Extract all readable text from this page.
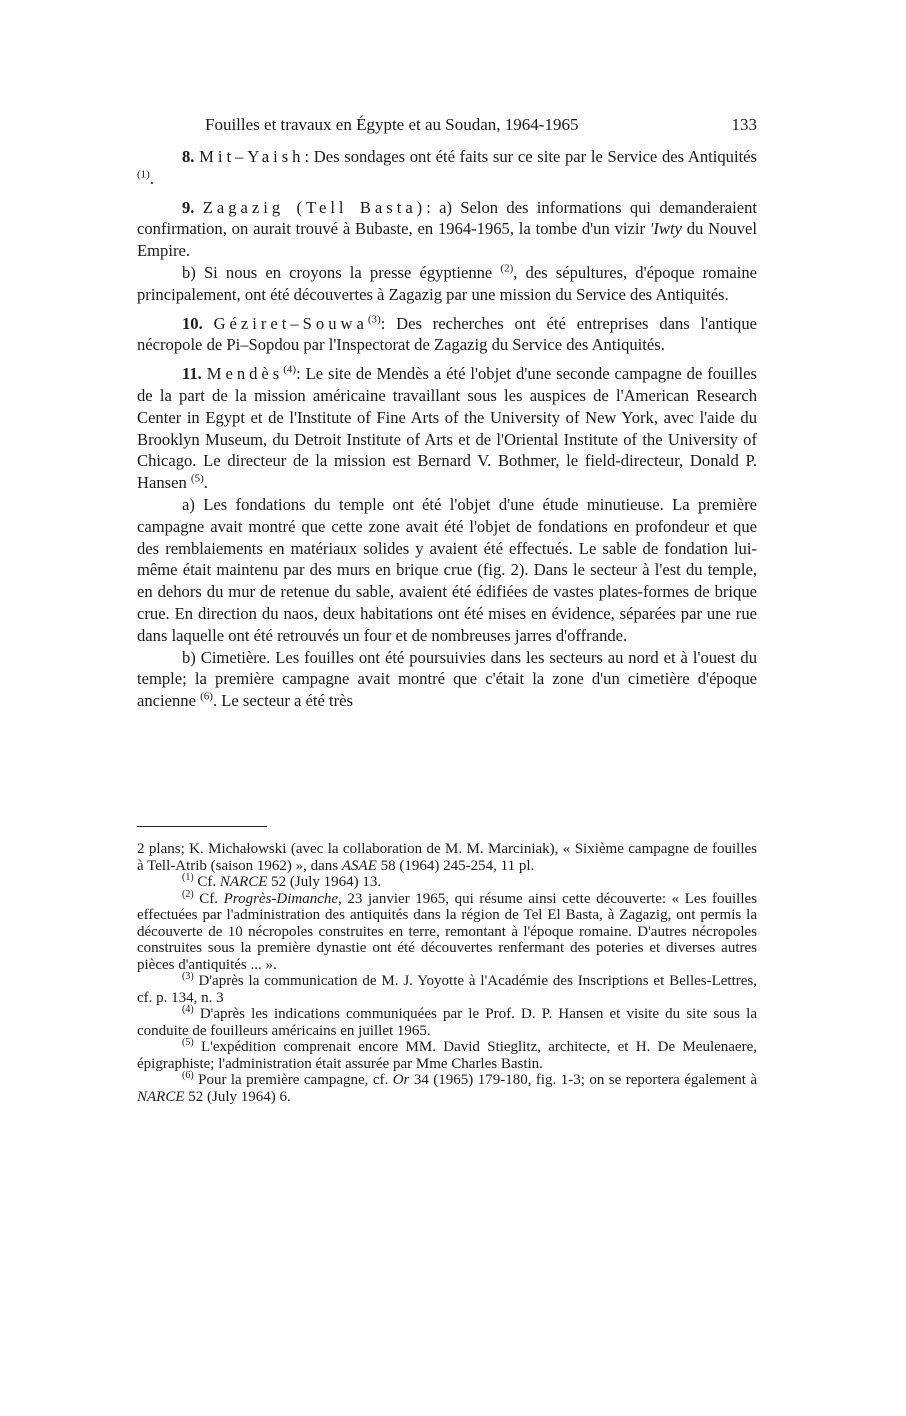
Fouilles et travaux en Égypte et au Soudan, 1964-1965	133

8. Mit–Yaish: Des sondages ont été faits sur ce site par le Service des Antiquités $^{(1)}$.

9. Zagazig (Tell Basta): a) Selon des informations qui demanderaient confirmation, on aurait trouvé à Bubaste, en 1964-1965, la tombe d'un vizir 'Iwty du Nouvel Empire.

b) Si nous en croyons la presse égyptienne $^{(2)}$, des sépultures, d'époque romaine principalement, ont été découvertes à Zagazig par une mission du Service des Antiquités.

10. Géziret–Souwa$^{(3)}$: Des recherches ont été entreprises dans l'antique nécropole de Pi–Sopdou par l'Inspectorat de Zagazig du Service des Antiquités.

11. Mendès$^{(4)}$: Le site de Mendès a été l'objet d'une seconde campagne de fouilles de la part de la mission américaine travaillant sous les auspices de l'American Research Center in Egypt et de l'Institute of Fine Arts of the University of New York, avec l'aide du Brooklyn Museum, du Detroit Institute of Arts et de l'Oriental Institute of the University of Chicago. Le directeur de la mission est Bernard V. Bothmer, le field-directeur, Donald P. Hansen $^{(5)}$.

a) Les fondations du temple ont été l'objet d'une étude minutieuse. La première campagne avait montré que cette zone avait été l'objet de fondations en profondeur et que des remblaiements en matériaux solides y avaient été effectués. Le sable de fondation lui-même était maintenu par des murs en brique crue (fig. 2). Dans le secteur à l'est du temple, en dehors du mur de retenue du sable, avaient été édifiées de vastes plates-formes de brique crue. En direction du naos, deux habitations ont été mises en évidence, séparées par une rue dans laquelle ont été retrouvés un four et de nombreuses jarres d'offrande.

b) Cimetière. Les fouilles ont été poursuivies dans les secteurs au nord et à l'ouest du temple; la première campagne avait montré que c'était la zone d'un cimetière d'époque ancienne $^{(6)}$. Le secteur a été très

2 plans; K. Michałowski (avec la collaboration de M. M. Marciniak), « Sixième campagne de fouilles à Tell-Atrib (saison 1962) », dans ASAE 58 (1964) 245-254, 11 pl.

$^{(1)}$ Cf. NARCE 52 (July 1964) 13.

$^{(2)}$ Cf. Progrès-Dimanche, 23 janvier 1965, qui résume ainsi cette découverte: « Les fouilles effectuées par l'administration des antiquités dans la région de Tel El Basta, à Zagazig, ont permis la découverte de 10 nécropoles construites en terre, remontant à l'époque romaine. D'autres nécropoles construites sous la première dynastie ont été découvertes renfermant des poteries et diverses autres pièces d'antiquités ... ».

$^{(3)}$ D'après la communication de M. J. Yoyotte à l'Académie des Inscriptions et Belles-Lettres, cf. p. 134, n. 3

$^{(4)}$ D'après les indications communiquées par le Prof. D. P. Hansen et visite du site sous la conduite de fouilleurs américains en juillet 1965.

$^{(5)}$ L'expédition comprenait encore MM. David Stieglitz, architecte, et H. De Meulenaere, épigraphiste; l'administration était assurée par Mme Charles Bastin.

$^{(6)}$ Pour la première campagne, cf. Or 34 (1965) 179-180, fig. 1-3; on se reportera également à NARCE 52 (July 1964) 6.
